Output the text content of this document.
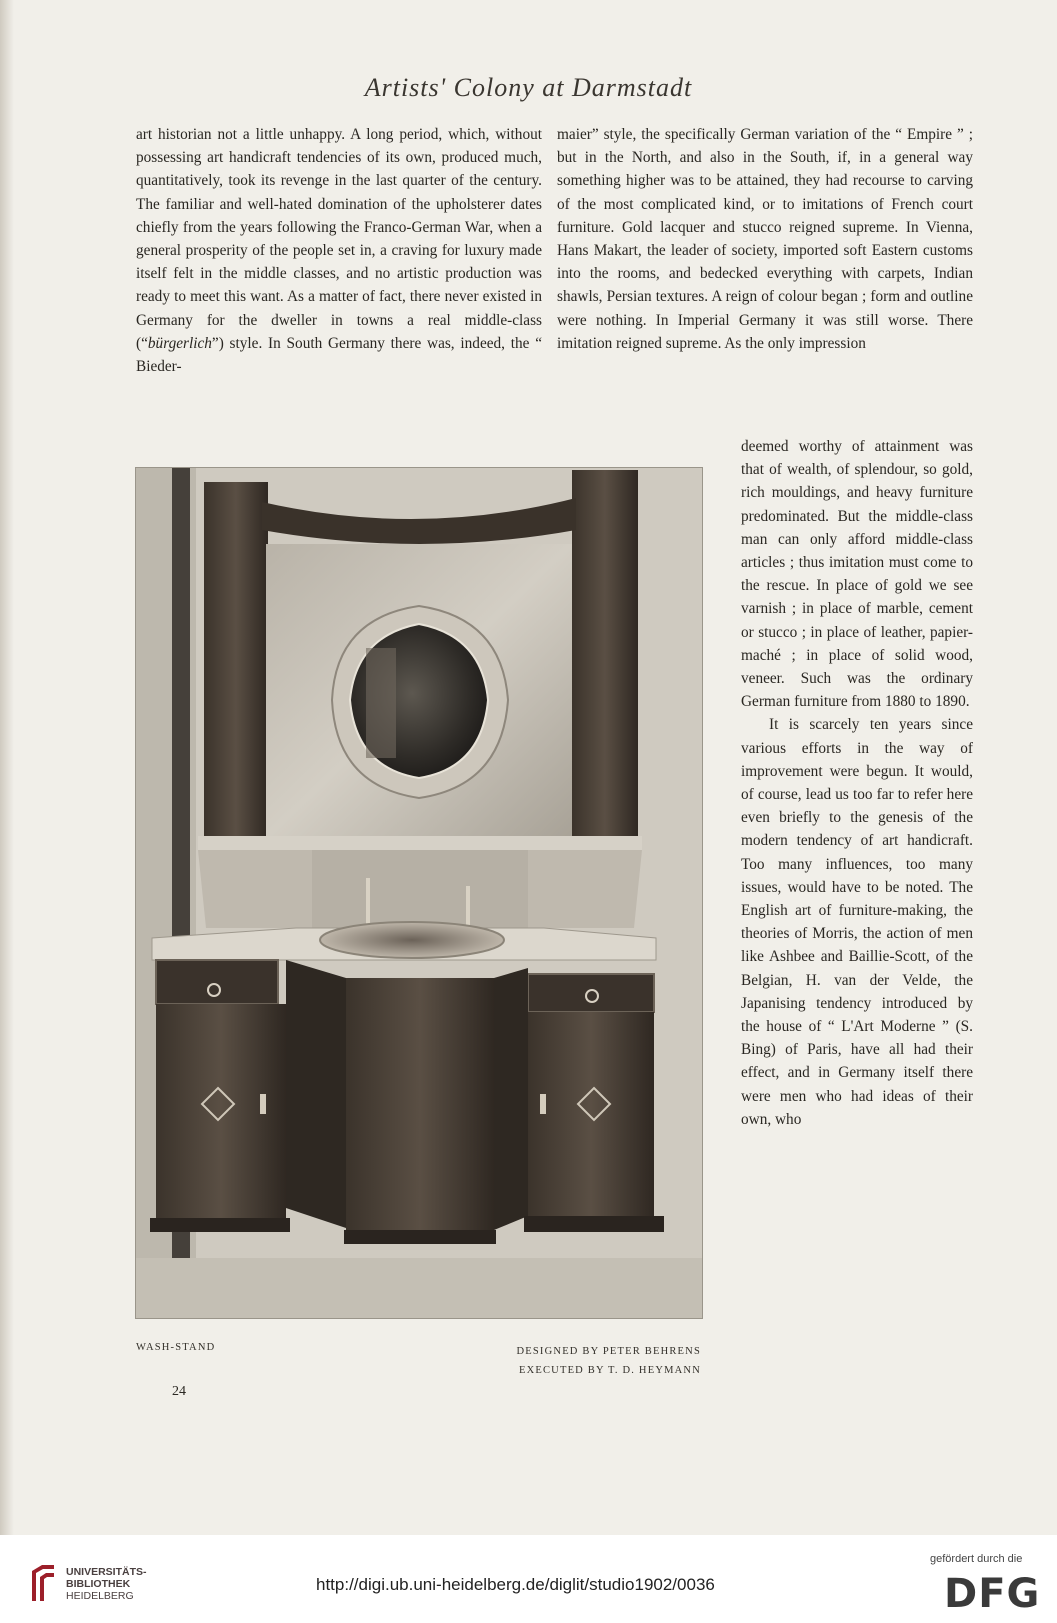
Artists' Colony at Darmstadt

art historian not a little unhappy. A long period, which, without possessing art handicraft tendencies of its own, produced much, quantitatively, took its revenge in the last quarter of the century. The familiar and well-hated domination of the upholsterer dates chiefly from the years following the Franco-German War, when a general prosperity of the people set in, a craving for luxury made itself felt in the middle classes, and no artistic production was ready to meet this want. As a matter of fact, there never existed in Germany for the dweller in towns a real middle-class (“bürgerlich”) style. In South Germany there was, indeed, the “ Bieder-

maier” style, the specifically German variation of the “ Empire ” ; but in the North, and also in the South, if, in a general way something higher was to be attained, they had recourse to carving of the most complicated kind, or to imitations of French court furniture. Gold lacquer and stucco reigned supreme. In Vienna, Hans Makart, the leader of society, imported soft Eastern customs into the rooms, and bedecked everything with carpets, Indian shawls, Persian textures. A reign of colour began ; form and outline were nothing. In Imperial Germany it was still worse. There imitation reigned supreme. As the only impression

deemed worthy of attainment was that of wealth, of splendour, so gold, rich mouldings, and heavy furniture predominated. But the middle-class man can only afford middle-class articles ; thus imitation must come to the rescue. In place of gold we see varnish ; in place of marble, cement or stucco ; in place of leather, papier-maché ; in place of solid wood, veneer. Such was the ordinary German furniture from 1880 to 1890.

It is scarcely ten years since various efforts in the way of improvement were begun. It would, of course, lead us too far to refer here even briefly to the genesis of the modern tendency of art handicraft. Too many influences, too many issues, would have to be noted. The English art of furniture-making, the theories of Morris, the action of men like Ashbee and Baillie-Scott, of the Belgian, H. van der Velde, the Japanising tendency introduced by the house of “ L'Art Moderne ” (S. Bing) of Paris, have all had their effect, and in Germany itself there were men who had ideas of their own, who

WASH-STAND	DESIGNED BY PETER BEHRENS
EXECUTED BY T. D. HEYMANN
24
UNIVERSITÄTS-
BIBLIOTHEK
HEIDELBERG
http://digi.ub.uni-heidelberg.de/diglit/studio1902/0036
gefördert durch die
DFG
